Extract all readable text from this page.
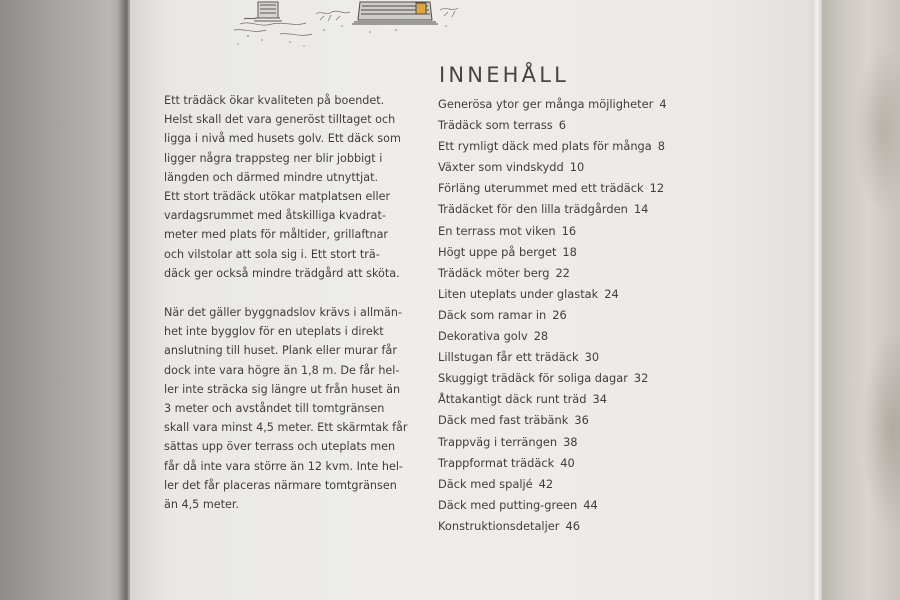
Ett trädäck ökar kvaliteten på boendet.
Helst skall det vara generöst tilltaget och
ligga i nivå med husets golv. Ett däck som
ligger några trappsteg ner blir jobbigt i
längden och därmed mindre utnyttjat.
Ett stort trädäck utökar matplatsen eller
vardagsrummet med åtskilliga kvadrat-
meter med plats för måltider, grillaftnar
och vilstolar att sola sig i. Ett stort trä-
däck ger också mindre trädgård att sköta.

När det gäller byggnadslov krävs i allmän-
het inte bygglov för en uteplats i direkt
anslutning till huset. Plank eller murar får
dock inte vara högre än 1,8 m. De får hel-
ler inte sträcka sig längre ut från huset än
3 meter och avståndet till tomtgränsen
skall vara minst 4,5 meter. Ett skärmtak får
sättas upp över terrass och uteplats men
får då inte vara större än 12 kvm. Inte hel-
ler det får placeras närmare tomtgränsen
än 4,5 meter.

INNEHÅLL
Generösa ytor ger många möjligheter 4
Trädäck som terrass 6
Ett rymligt däck med plats för många 8
Växter som vindskydd 10
Förläng uterummet med ett trädäck 12
Trädäcket för den lilla trädgården 14
En terrass mot viken 16
Högt uppe på berget 18
Trädäck möter berg 22
Liten uteplats under glastak 24
Däck som ramar in 26
Dekorativa golv 28
Lillstugan får ett trädäck 30
Skuggigt trädäck för soliga dagar 32
Åttakantigt däck runt träd 34
Däck med fast träbänk 36
Trappväg i terrängen 38
Trappformat trädäck 40
Däck med spaljé 42
Däck med putting-green 44
Konstruktionsdetaljer 46
